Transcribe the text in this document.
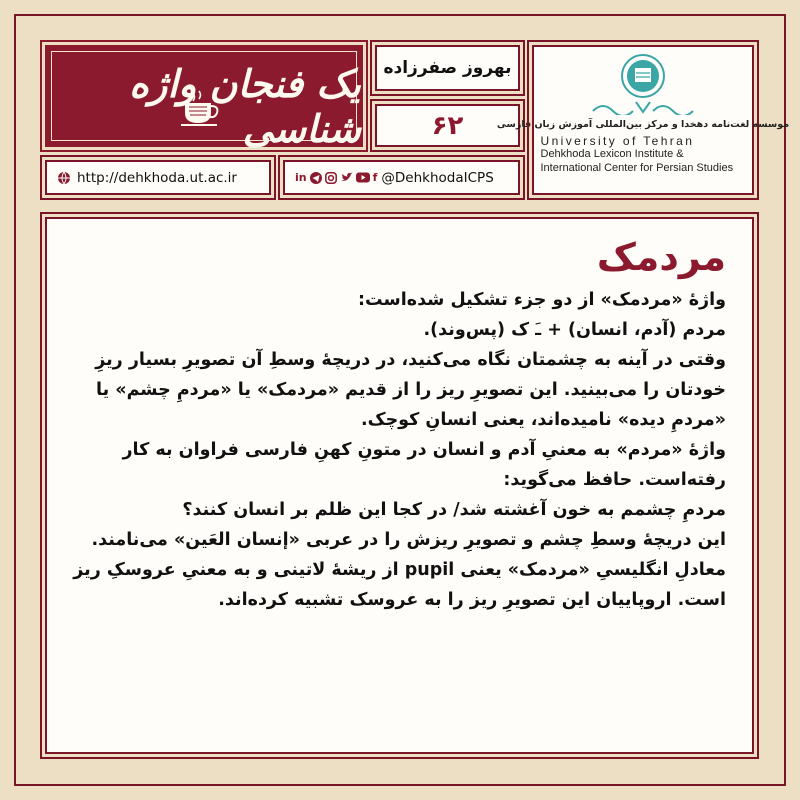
یک فنجان واژه شناسی
بهروز صفرزاده
۶۲	موسسه لغت‌نامه دهخدا و مرکز بین‌المللی آموزش زبان فارسی
University of Tehran
Dehkhoda Lexicon Institute &
International Center for Persian Studies
http://dehkhoda.ut.ac.ir	in	f @DehkhodaICPS
مردمک

واژۀ «مردمک» از دو جزء تشکیل شده‌است:

مردم (آدم، انسان) + ـَ ک (پس‌وند).

وقتی در آینه به چشمتان نگاه می‌کنید، در دریچۀ وسطِ آن تصویرِ بسیار ریزِ خودتان را می‌بینید. این تصویرِ ریز را از قدیم «مردمک» یا «مردمِ چشم» یا «مردمِ دیده» نامیده‌اند، یعنی انسانِ کوچک.

واژۀ «مردم» به معنیِ آدم و انسان در متونِ کهنِ فارسی فراوان به کار رفته‌است. حافظ می‌گوید:

مردمِ چشمم به خون آغشته شد/ در کجا این ظلم بر انسان کنند؟

این دریچۀ وسطِ چشم و تصویرِ ریزش را در عربی «إنسان العَین» می‌نامند.

معادلِ انگلیسیِ «مردمک» یعنی pupil از ریشۀ لاتینی و به معنیِ عروسکِ ریز است. اروپاییان این تصویرِ ریز را به عروسک تشبیه کرده‌اند.
